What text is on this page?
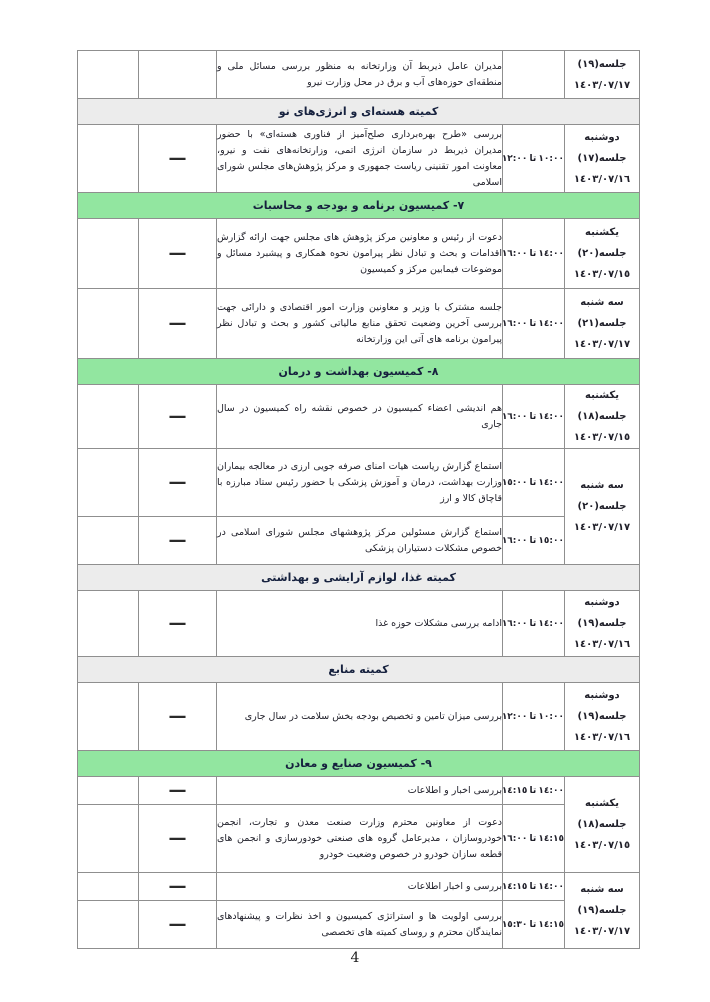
جلسه(١٩)
١٤٠٣/٠٧/١٧		مدیران عامل ذیربط آن وزارتخانه به منظور بررسی مسائل ملی و منطقه‌ای حوزه‌های آب و برق در محل وزارت نیرو		
کمیته هسته‌ای و انرژی‌های نو				

دوشنبه
جلسه(١٧)
١٤٠٣/٠٧/١٦	١٠:٠٠ تا ١٢:٠٠	بررسی «طرح بهره‌برداری صلح‌آمیز از فناوری هسته‌ای» با حضور مدیران ذیربط در سازمان انرژی اتمی، وزارتخانه‌های نفت و نیرو، معاونت امور تقنینی ریاست جمهوری و مرکز پژوهش‌های مجلس شورای اسلامی	—	
٧- کمیسیون برنامه و بودجه و محاسبات				

یکشنبه
جلسه(٢٠)
١٤٠٣/٠٧/١٥	١٤:٠٠ تا ١٦:٠٠	دعوت از رئیس و معاونین مرکز پژوهش های مجلس جهت ارائه گزارش اقدامات و بحث و تبادل نظر پیرامون نحوه همکاری و پیشبرد مسائل و موضوعات فیمابین مرکز و کمیسیون	—	

سه شنبه
جلسه(٢١)
١٤٠٣/٠٧/١٧	١٤:٠٠ تا ١٦:٠٠	جلسه مشترک با وزیر و معاونین وزارت امور اقتصادی و دارائی جهت بررسی آخرین وضعیت تحقق منابع مالیاتی کشور و بحث و تبادل نظر پیرامون برنامه های آتی این وزارتخانه	—	
٨- کمیسیون بهداشت و درمان				

یکشنبه
جلسه(١٨)
١٤٠٣/٠٧/١٥	١٤:٠٠ تا ١٦:٠٠	هم اندیشی اعضاء کمیسیون در خصوص نقشه راه کمیسیون در سال جاری	—	

سه شنبه
جلسه(٢٠)
١٤٠٣/٠٧/١٧	١٤:٠٠ تا ١٥:٠٠	استماع گزارش ریاست هیات امنای صرفه جویی ارزی در معالجه بیماران وزارت بهداشت، درمان و آموزش پزشکی با حضور رئیس ستاد مبارزه با قاچاق کالا و ارز	—	
	١٥:٠٠ تا ١٦:٠٠	استماع گزارش مسئولین مرکز پژوهشهای مجلس شورای اسلامی در خصوص مشکلات دستیاران پزشکی	—	
کمیته غذا، لوازم آرایشی و بهداشتی				

دوشنبه
جلسه(١٩)
١٤٠٣/٠٧/١٦	١٤:٠٠ تا ١٦:٠٠	ادامه بررسی مشکلات حوزه غذا	—	
کمیته منابع				

دوشنبه
جلسه(١٩)
١٤٠٣/٠٧/١٦	١٠:٠٠ تا ١٢:٠٠	بررسی میزان تامین و تخصیص بودجه بخش سلامت در سال جاری	—	
٩- کمیسیون صنایع و معادن				

یکشنبه
جلسه(١٨)
١٤٠٣/٠٧/١٥	١٤:٠٠ تا ١٤:١٥	بررسی اخبار و اطلاعات	—	
	١٤:١٥ تا ١٦:٠٠	دعوت از معاونین محترم وزارت صنعت معدن و تجارت، انجمن خودروسازان ، مدیرعامل گروه های صنعتی خودورسازی و انجمن های قطعه سازان خودرو در خصوص وضعیت خودرو	—	

سه شنبه
جلسه(١٩)
١٤٠٣/٠٧/١٧	١٤:٠٠ تا ١٤:١٥	بررسی و اخبار اطلاعات	—	
	١٤:١٥ تا ١٥:٣٠	بررسی اولویت ها و استراتژی کمیسیون و اخذ نظرات و پیشنهادهای نمایندگان محترم و روسای کمیته های تخصصی	—	
4
